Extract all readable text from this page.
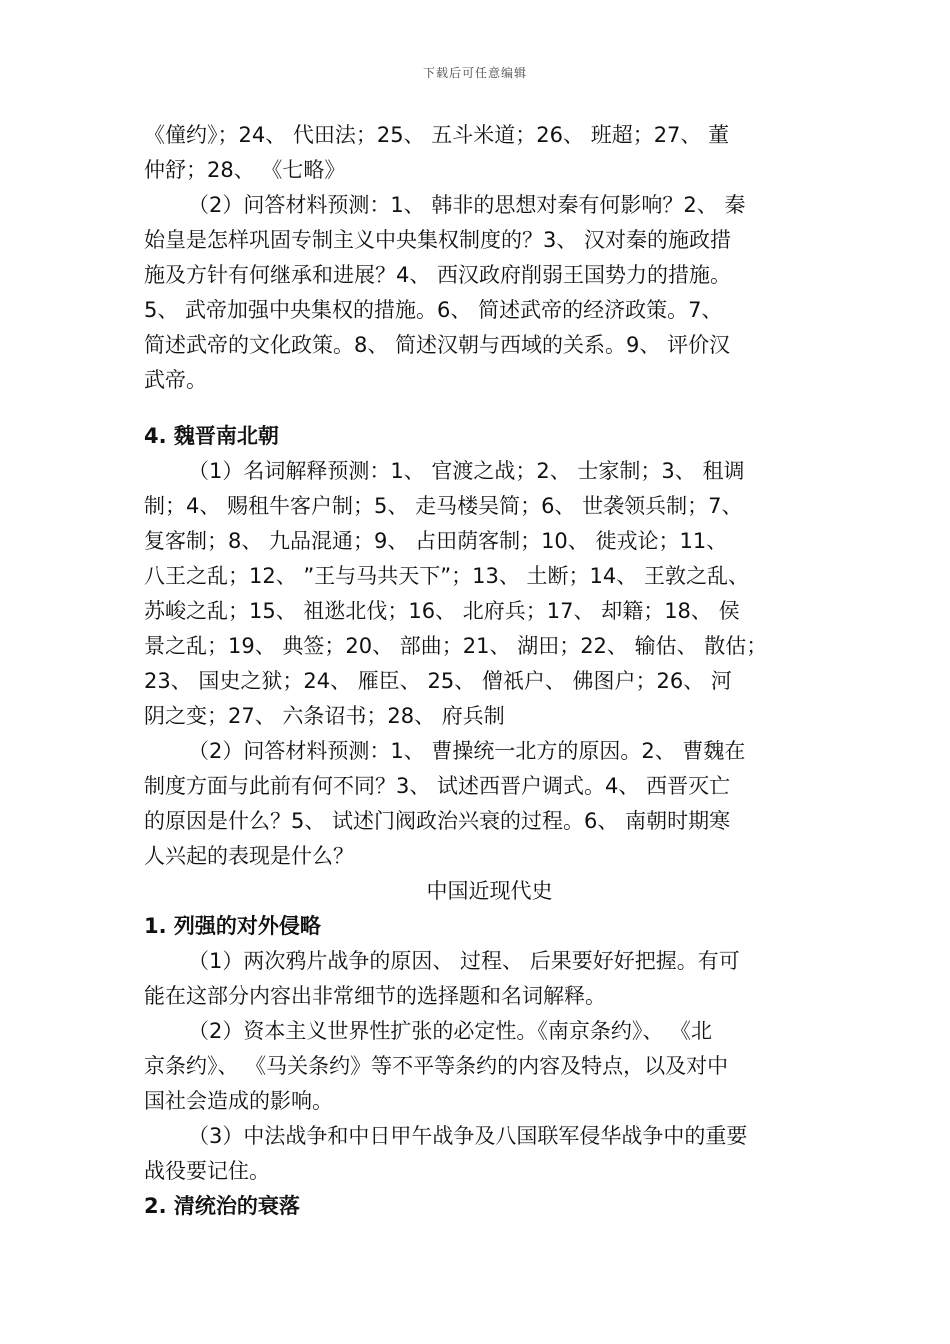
下载后可任意编辑
《僮约》；24、 代田法；25、 五斗米道；26、 班超；27、 董
仲舒；28、 《七略》
（2）问答材料预测：1、 韩非的思想对秦有何影响？2、 秦
始皇是怎样巩固专制主义中央集权制度的？3、 汉对秦的施政措
施及方针有何继承和进展？4、 西汉政府削弱王国势力的措施。
5、 武帝加强中央集权的措施。6、 简述武帝的经济政策。7、
简述武帝的文化政策。8、 简述汉朝与西域的关系。9、 评价汉
武帝。
4. 魏晋南北朝
（1）名词解释预测：1、 官渡之战；2、 士家制；3、 租调
制；4、 赐租牛客户制；5、 走马楼吴简；6、 世袭领兵制；7、
复客制；8、 九品混通；9、 占田荫客制；10、 徙戎论；11、
八王之乱；12、 ”王与马共天下”；13、 土断；14、 王敦之乱、
苏峻之乱；15、 祖逖北伐；16、 北府兵；17、 却籍；18、 侯
景之乱；19、 典签；20、 部曲；21、 湖田；22、 输估、 散估；
23、 国史之狱；24、 雁臣、 25、 僧祇户、 佛图户；26、 河
阴之变；27、 六条诏书；28、 府兵制
（2）问答材料预测：1、 曹操统一北方的原因。2、 曹魏在
制度方面与此前有何不同？3、 试述西晋户调式。4、 西晋灭亡
的原因是什么？5、 试述门阀政治兴衰的过程。6、 南朝时期寒
人兴起的表现是什么？
中国近现代史
1. 列强的对外侵略
（1）两次鸦片战争的原因、 过程、 后果要好好把握。有可
能在这部分内容出非常细节的选择题和名词解释。
（2）资本主义世界性扩张的必定性。《南京条约》、 《北
京条约》、 《马关条约》等不平等条约的内容及特点，以及对中
国社会造成的影响。
（3）中法战争和中日甲午战争及八国联军侵华战争中的重要
战役要记住。
2. 清统治的衰落
